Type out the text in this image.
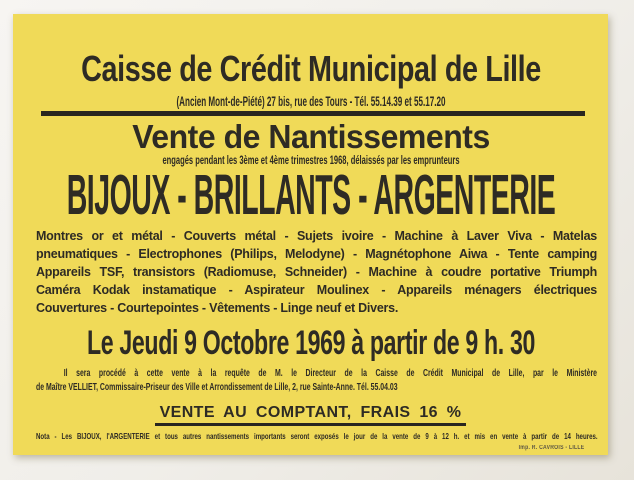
Caisse de Crédit Municipal de Lille
(Ancien Mont-de-Piété) 27 bis, rue des Tours - Tél. 55.14.39 et 55.17.20
Vente de Nantissements
engagés pendant les 3ème et 4ème trimestres 1968, délaissés par les emprunteurs
BIJOUX - BRILLANTS - ARGENTERIE
Montres or et métal - Couverts métal - Sujets ivoire - Machine à Laver Viva - Matelas
pneumatiques - Electrophones (Philips, Melodyne) - Magnétophone Aiwa - Tente camping
Appareils TSF, transistors (Radiomuse, Schneider) - Machine à coudre portative Triumph
Caméra Kodak instamatique - Aspirateur Moulinex - Appareils ménagers électriques
Couvertures - Courtepointes - Vêtements - Linge neuf et Divers.
Le Jeudi 9 Octobre 1969 à partir de 9 h. 30
Il sera procédé à cette vente à la requête de M. le Directeur de la Caisse de Crédit Municipal de Lille, par le Ministère
de Maître VELLIET, Commissaire-Priseur des Ville et Arrondissement de Lille, 2, rue Sainte-Anne. Tél. 55.04.03
VENTE AU COMPTANT, FRAIS 16 %
Nota - Les BIJOUX, l'ARGENTERIE et tous autres nantissements importants seront exposés le jour de la vente de 9 à 12 h. et mis en vente à partir de 14 heures.
Imp. R. CAVROIS - LILLE
